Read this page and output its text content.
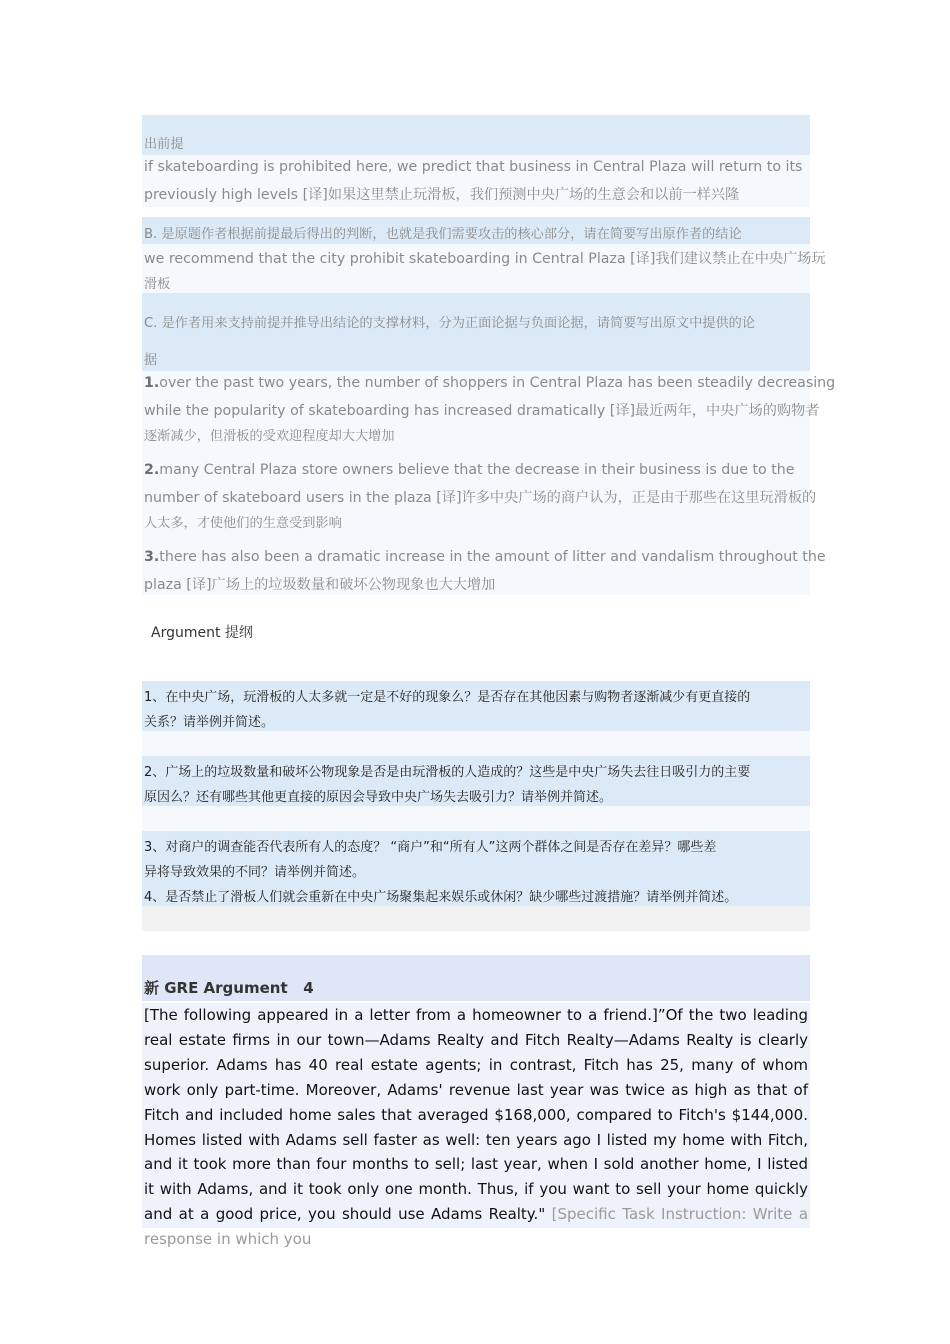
出前提
if skateboarding is prohibited here, we predict that business in Central Plaza will return to its
previously high levels [译]如果这里禁止玩滑板，我们预测中央广场的生意会和以前一样兴隆
B. 是原题作者根据前提最后得出的判断，也就是我们需要攻击的核心部分，请在简要写出原作者的结论
we recommend that the city prohibit skateboarding in Central Plaza [译]我们建议禁止在中央广场玩
滑板
C. 是作者用来支持前提并推导出结论的支撑材料，分为正面论据与负面论据，请简要写出原文中提供的论
据
1.over the past two years, the number of shoppers in Central Plaza has been steadily decreasing
while the popularity of skateboarding has increased dramatically [译]最近两年，中央广场的购物者
逐渐减少，但滑板的受欢迎程度却大大增加
2.many Central Plaza store owners believe that the decrease in their business is due to the
number of skateboard users in the plaza [译]许多中央广场的商户认为，正是由于那些在这里玩滑板的
人太多，才使他们的生意受到影响
3.there has also been a dramatic increase in the amount of litter and vandalism throughout the
plaza [译]广场上的垃圾数量和破坏公物现象也大大增加
Argument 提纲
1、在中央广场，玩滑板的人太多就一定是不好的现象么？是否存在其他因素与购物者逐渐减少有更直接的
关系？请举例并简述。
2、广场上的垃圾数量和破坏公物现象是否是由玩滑板的人造成的？这些是中央广场失去往日吸引力的主要
原因么？还有哪些其他更直接的原因会导致中央广场失去吸引力？请举例并简述。
3、对商户的调查能否代表所有人的态度？ “商户”和“所有人”这两个群体之间是否存在差异？哪些差
异将导致效果的不同？请举例并简述。
4、是否禁止了滑板人们就会重新在中央广场聚集起来娱乐或休闲？缺少哪些过渡措施？请举例并简述。
新 GRE Argument   4
[The following appeared in a letter from a homeowner to a friend.]”Of the two leading real estate firms in our town—Adams Realty and Fitch Realty—Adams Realty is clearly superior. Adams has 40 real estate agents; in contrast, Fitch has 25, many of whom work only part-time. Moreover, Adams' revenue last year was twice as high as that of Fitch and included home sales that averaged $168,000, compared to Fitch's $144,000. Homes listed with Adams sell faster as well: ten years ago I listed my home with Fitch, and it took more than four months to sell; last year, when I sold another home, I listed it with Adams, and it took only one month. Thus, if you want to sell your home quickly and at a good price, you should use Adams Realty." [Specific Task Instruction: Write a response in which you
